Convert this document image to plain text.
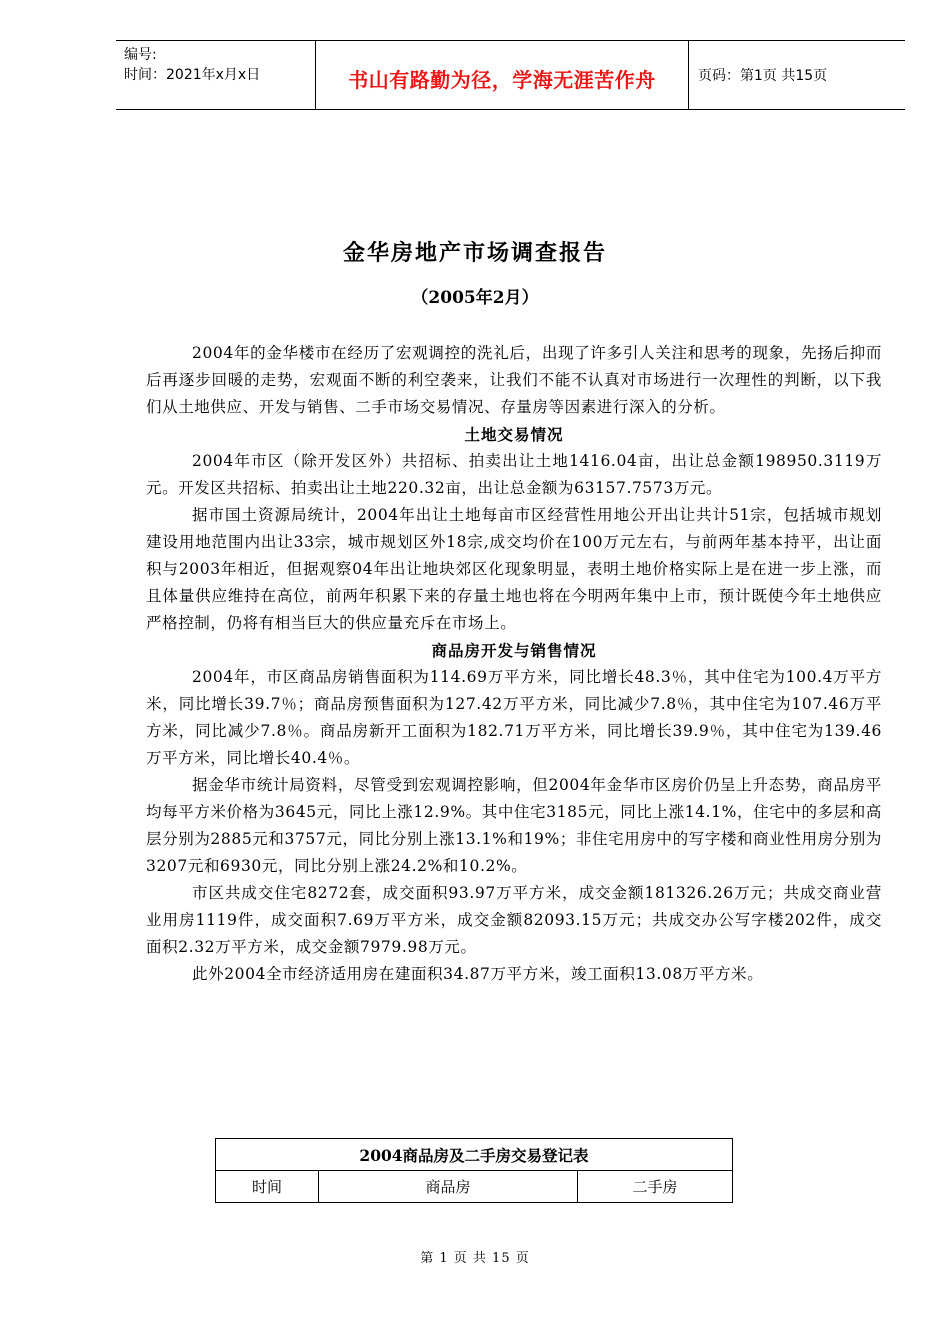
编号:
时间：2021年x月x日	书山有路勤为径，学海无涯苦作舟	页码：第1页 共15页
金华房地产市场调查报告
（2005年2月）

2004年的金华楼市在经历了宏观调控的洗礼后，出现了许多引人关注和思考的现象，先扬后抑而后再逐步回暖的走势，宏观面不断的利空袭来，让我们不能不认真对市场进行一次理性的判断，以下我们从土地供应、开发与销售、二手市场交易情况、存量房等因素进行深入的分析。

土地交易情况

2004年市区（除开发区外）共招标、拍卖出让土地1416.04亩，出让总金额198950.3119万元。开发区共招标、拍卖出让土地220.32亩，出让总金额为63157.7573万元。

据市国土资源局统计，2004年出让土地每亩市区经营性用地公开出让共计51宗，包括城市规划建设用地范围内出让33宗，城市规划区外18宗,成交均价在100万元左右，与前两年基本持平，出让面积与2003年相近，但据观察04年出让地块郊区化现象明显，表明土地价格实际上是在进一步上涨，而且体量供应维持在高位，前两年积累下来的存量土地也将在今明两年集中上市，预计既使今年土地供应严格控制，仍将有相当巨大的供应量充斥在市场上。

商品房开发与销售情况

2004年，市区商品房销售面积为114.69万平方米，同比增长48.3％，其中住宅为100.4万平方米，同比增长39.7％；商品房预售面积为127.42万平方米，同比减少7.8％，其中住宅为107.46万平方米，同比减少7.8％。商品房新开工面积为182.71万平方米，同比增长39.9％，其中住宅为139.46万平方米，同比增长40.4％。

据金华市统计局资料，尽管受到宏观调控影响，但2004年金华市区房价仍呈上升态势，商品房平均每平方米价格为3645元，同比上涨12.9%。其中住宅3185元，同比上涨14.1%，住宅中的多层和高层分别为2885元和3757元，同比分别上涨13.1%和19%；非住宅用房中的写字楼和商业性用房分别为3207元和6930元，同比分别上涨24.2%和10.2%。

市区共成交住宅8272套，成交面积93.97万平方米，成交金额181326.26万元；共成交商业营业用房1119件，成交面积7.69万平方米，成交金额82093.15万元；共成交办公写字楼202件，成交面积2.32万平方米，成交金额7979.98万元。

此外2004全市经济适用房在建面积34.87万平方米，竣工面积13.08万平方米。

2004商品房及二手房交易登记表
时间	商品房	二手房
第 1 页 共 15 页
